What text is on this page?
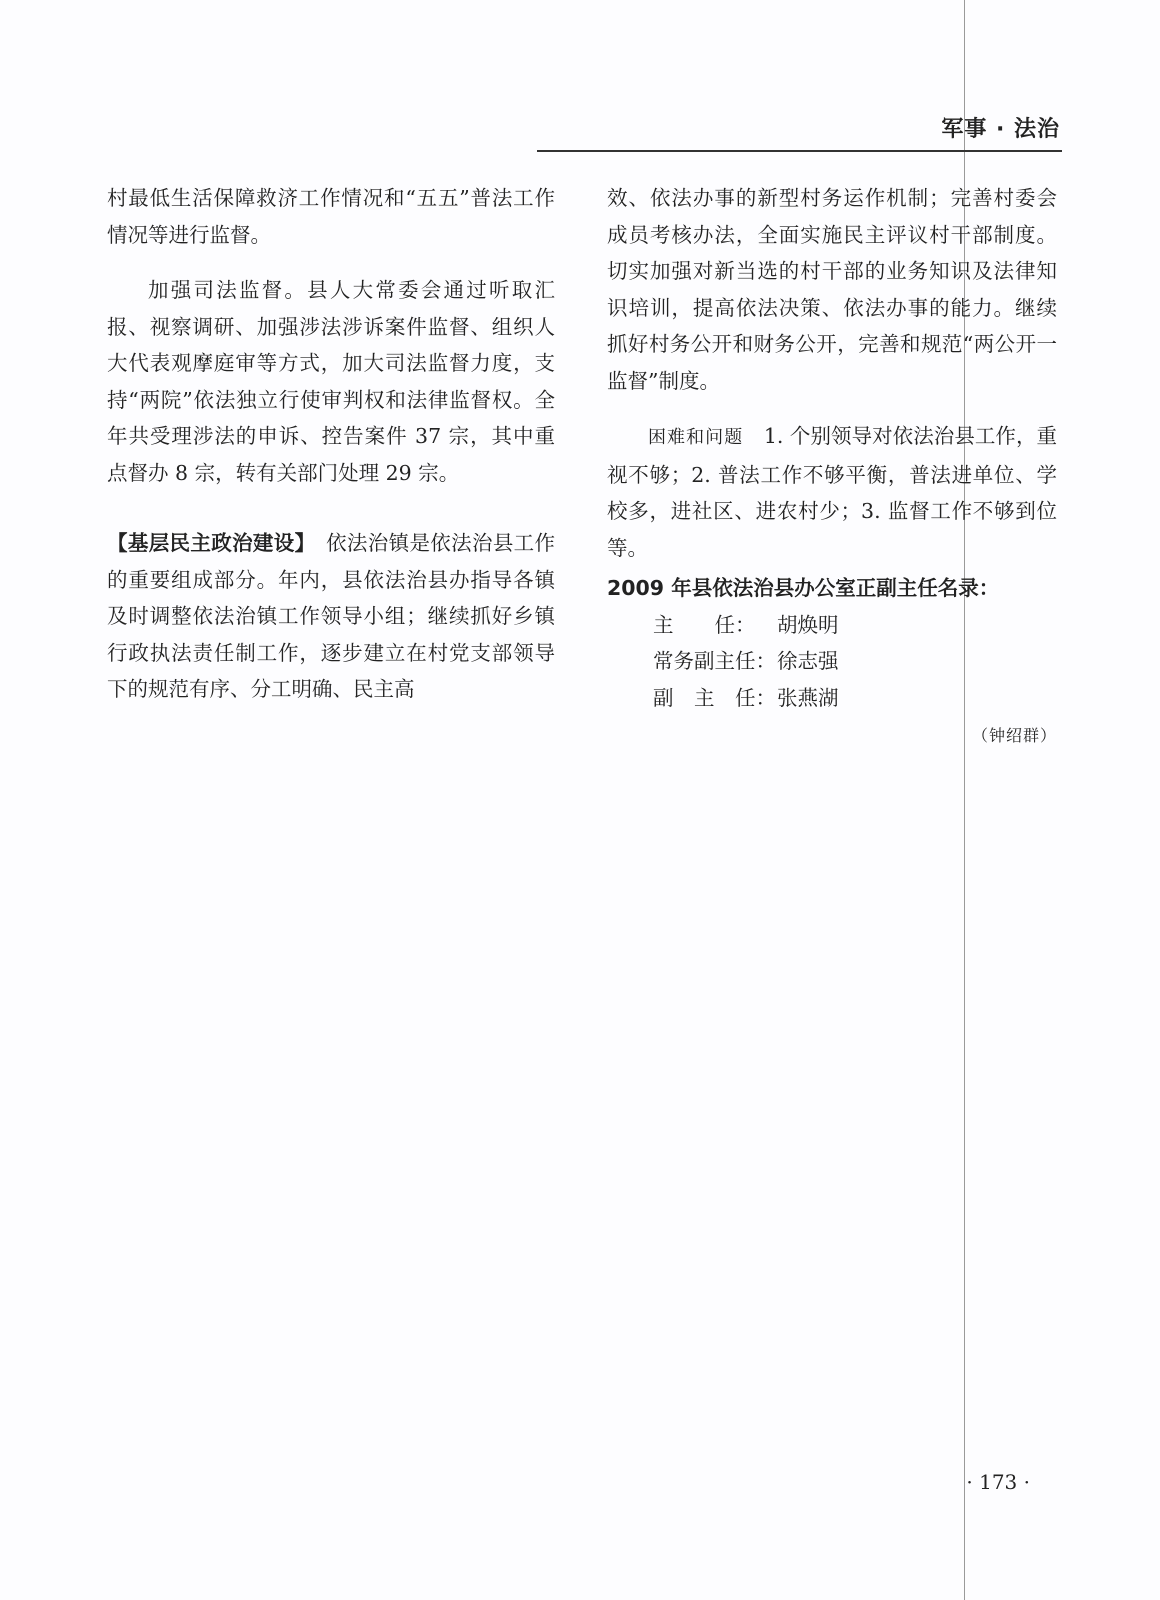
军事 · 法治

村最低生活保障救济工作情况和“五五”普法工作情况等进行监督。

加强司法监督。县人大常委会通过听取汇报、视察调研、加强涉法涉诉案件监督、组织人大代表观摩庭审等方式，加大司法监督力度，支持“两院”依法独立行使审判权和法律监督权。全年共受理涉法的申诉、控告案件 37 宗，其中重点督办 8 宗，转有关部门处理 29 宗。

【基层民主政治建设】　 依法治镇是依法治县工作的重要组成部分。年内，县依法治县办指导各镇及时调整依法治镇工作领导小组；继续抓好乡镇行政执法责任制工作，逐步建立在村党支部领导下的规范有序、分工明确、民主高

效、依法办事的新型村务运作机制；完善村委会成员考核办法，全面实施民主评议村干部制度。切实加强对新当选的村干部的业务知识及法律知识培训，提高依法决策、依法办事的能力。继续抓好村务公开和财务公开，完善和规范“两公开一监督”制度。

困难和问题　 1. 个别领导对依法治县工作，重视不够；2. 普法工作不够平衡，普法进单位、学校多，进社区、进农村少；3. 监督工作不够到位等。

2009 年县依法治县办公室正副主任名录：

主　　任：	胡焕明
常务副主任： 徐志强
副　主　任： 张燕湖

（钟绍群）

· 173 ·
